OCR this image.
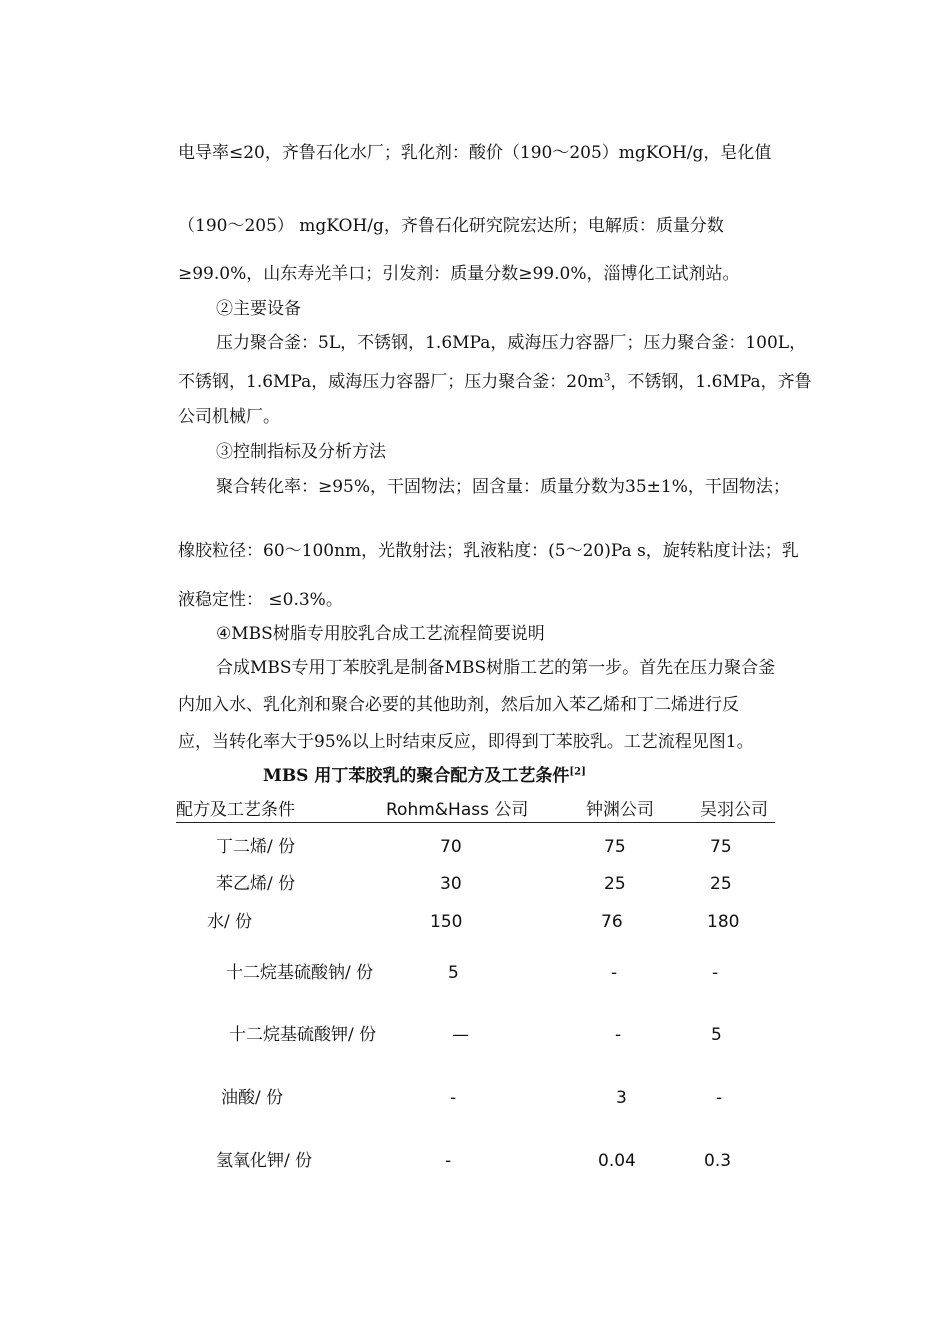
电导率≤20，齐鲁石化水厂；乳化剂：酸价（190～205）mgKOH/g，皂化值
（190～205） mgKOH/g，齐鲁石化研究院宏达所；电解质：质量分数
≥99.0%，山东寿光羊口；引发剂：质量分数≥99.0%，淄博化工试剂站。
②主要设备
压力聚合釜：5L，不锈钢，1.6MPa，威海压力容器厂；压力聚合釜：100L，
不锈钢，1.6MPa，威海压力容器厂；压力聚合釜：$20m^3$，不锈钢，1.6MPa，齐鲁
公司机械厂。
③控制指标及分析方法
聚合转化率：≥95%，干固物法；固含量：质量分数为35±1%，干固物法；
橡胶粒径：60～100nm，光散射法；乳液粘度：(5～20)Pa s，旋转粘度计法；乳
液稳定性： ≤0.3%。
④MBS树脂专用胶乳合成工艺流程简要说明
合成MBS专用丁苯胶乳是制备MBS树脂工艺的第一步。首先在压力聚合釜
内加入水、乳化剂和聚合必要的其他助剂，然后加入苯乙烯和丁二烯进行反
应，当转化率大于95%以上时结束反应，即得到丁苯胶乳。工艺流程见图1。
MBS 用丁苯胶乳的聚合配方及工艺条件[2]
配方及工艺条件	Rohm&Hass 公司	钟渊公司	吴羽公司
丁二烯/ 份	70	75	75
苯乙烯/ 份	30	25	25
水/ 份	150	76	180
十二烷基硫酸钠/ 份	5	-	-
十二烷基硫酸钾/ 份	—	-	5
油酸/ 份	-	3	-
氢氧化钾/ 份	-	0.04	0.3
